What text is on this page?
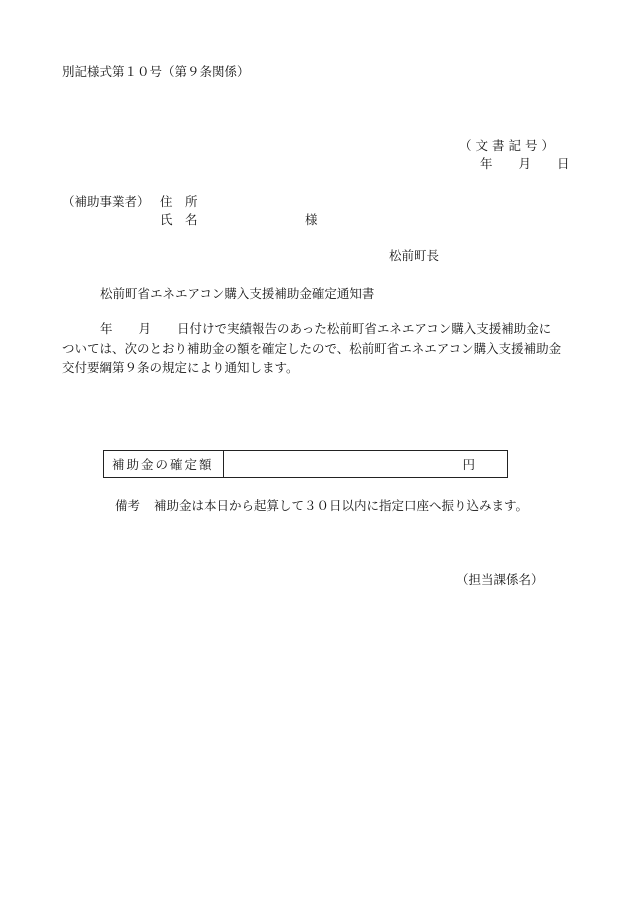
別記様式第１０号（第９条関係）
（文書記号）
年 月 日
（補助事業者） 住　所
氏　名	様
松前町長
松前町省エネエアコン購入支援補助金確定通知書
年 月 日付けで実績報告のあった松前町省エネエアコン購入支援補助金に
ついては、次のとおり補助金の額を確定したので、松前町省エネエアコン購入支援補助金
交付要綱第９条の規定により通知します。
補助金の確定額	円
備考 補助金は本日から起算して３０日以内に指定口座へ振り込みます。
（担当課係名）
